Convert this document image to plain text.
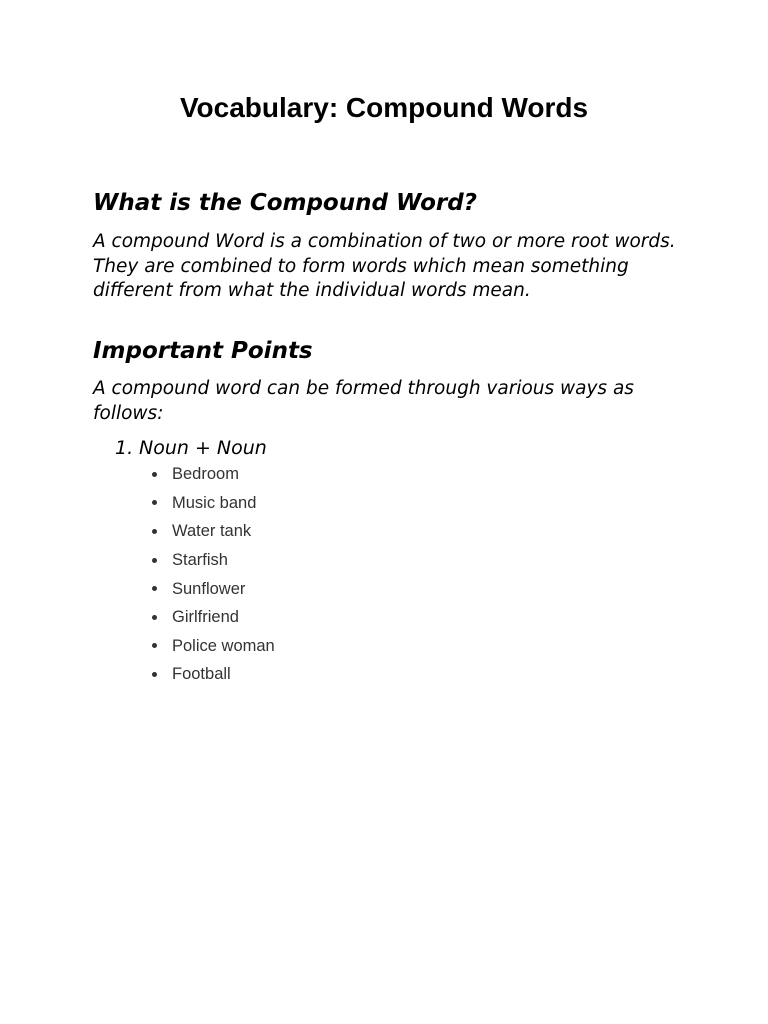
Vocabulary: Compound Words
What is the Compound Word?

A compound Word is a combination of two or more root words. They are combined to form words which mean something different from what the individual words mean.

Important Points

A compound word can be formed through various ways as follows:

1. Noun + Noun
Bedroom
Music band
Water tank
Starfish
Sunflower
Girlfriend
Police woman
Football
